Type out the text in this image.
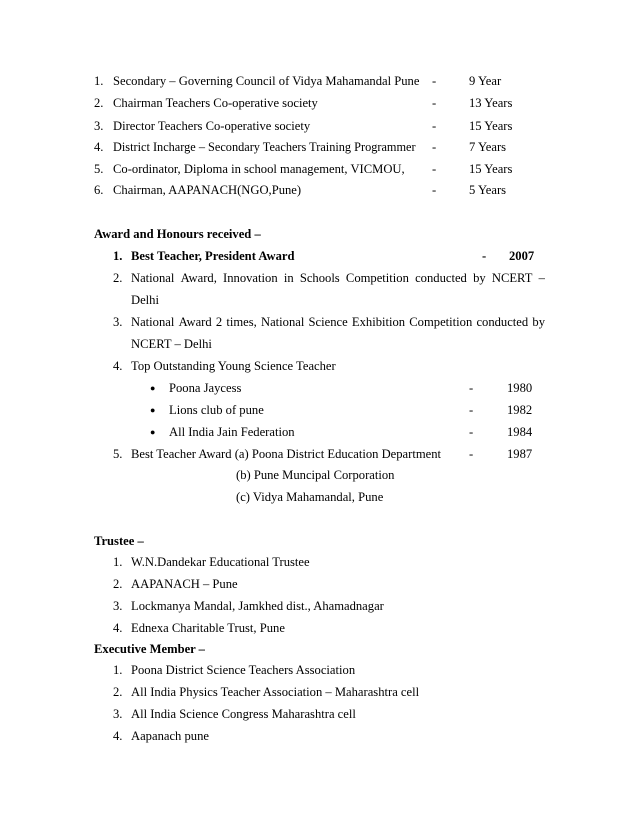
1. Secondary – Governing Council of Vidya Mahamandal Pune -	9 Year
2. Chairman Teachers Co-operative society	-	13 Years
3. Director Teachers Co-operative society	-	15 Years
4. District Incharge – Secondary Teachers Training Programmer -	7 Years
5. Co-ordinator, Diploma in school management, VICMOU, -	15 Years
6. Chairman, AAPANACH(NGO,Pune)	-	5 Years
Award and Honours received –
1. Best Teacher, President Award	- 2007
2. National Award, Innovation in Schools Competition conducted by NCERT –
Delhi
3. National Award 2 times, National Science Exhibition Competition conducted by
NCERT – Delhi
4. Top Outstanding Young Science Teacher
● Poona Jaycess	-	1980
● Lions club of pune	-	1982
● All India Jain Federation	-	1984
5. Best Teacher Award (a) Poona District Education Department -	1987
(b) Pune Muncipal Corporation
(c) Vidya Mahamandal, Pune
Trustee –
1. W.N.Dandekar Educational Trustee
2. AAPANACH – Pune
3. Lockmanya Mandal, Jamkhed dist., Ahamadnagar
4. Ednexa Charitable Trust, Pune
Executive Member –
1. Poona District Science Teachers Association
2. All India Physics Teacher Association – Maharashtra cell
3. All India Science Congress Maharashtra cell
4. Aapanach pune
